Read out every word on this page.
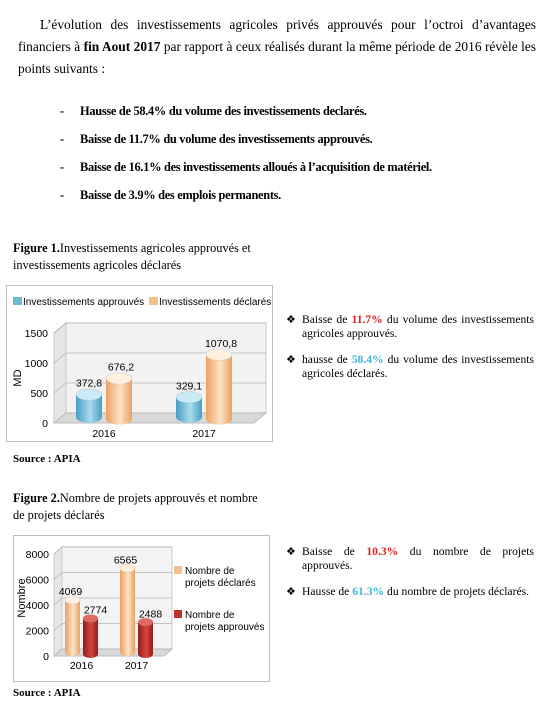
L’évolution des investissements agricoles privés approuvés pour l’octroi d’avantages financiers à fin Aout 2017 par rapport à ceux réalisés durant la même période de 2016 révèle les points suivants :
- Hausse de 58.4% du volume des investissements declarés.
- Baisse de 11.7% du volume des investissements approuvés.
- Baisse de 16.1% des investissements alloués à l’acquisition de matériel.
- Baisse de 3.9% des emplois permanents.
Figure 1.Investissements agricoles approuvés et investissements agricoles déclarés
Investissements approuvés Investissements déclarés
0
500
1000
1500
MD
2016
372,8
676,2
2017
329,1
1070,8
Source : APIA
❖ Baisse de 11.7% du volume des investissements agricoles approuvés.
❖ hausse de 58.4% du volume des investissements agricoles déclarés.
Figure 2.Nombre de projets approuvés et nombre de projets déclarés
0
2000
4000
6000
8000
Nombre
2016
4069
2774
2017
6565
2488
Nombre de
projets déclarés
Nombre de
projets approuvés
Source : APIA
❖ Baisse de 10.3% du nombre de projets approuvés.
❖ Hausse de 61.3% du nombre de projets déclarés.
